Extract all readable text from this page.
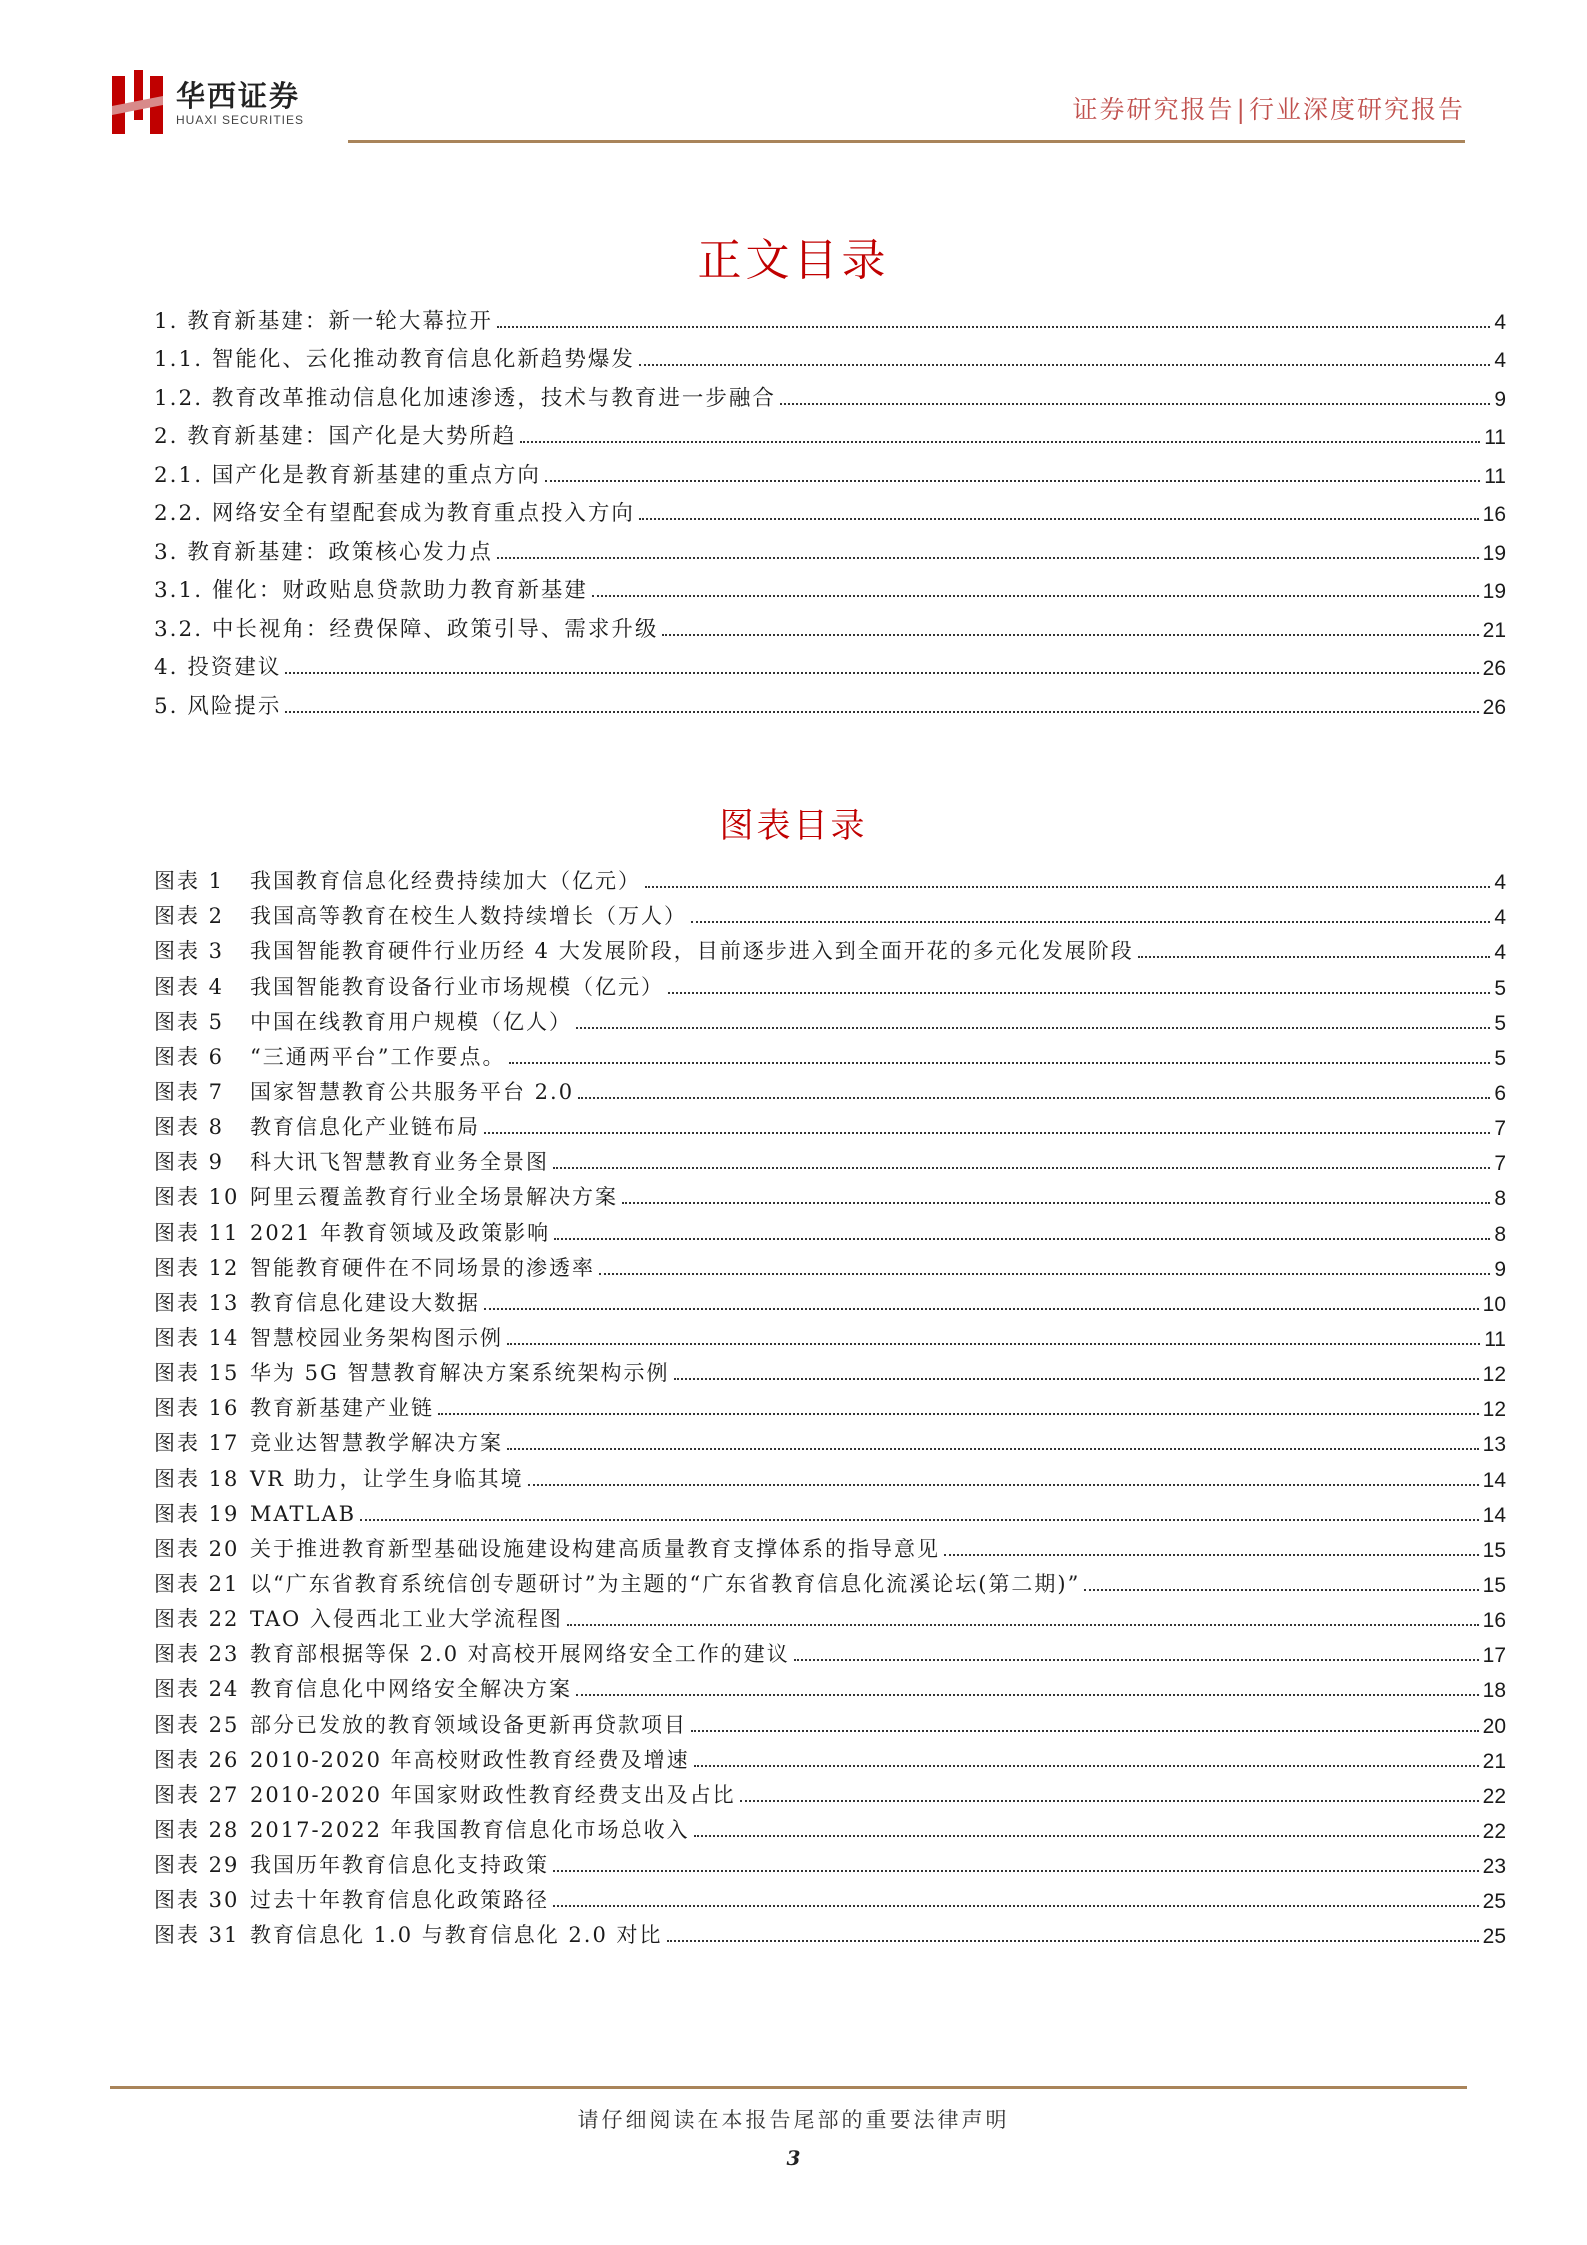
华西证券
HUAXI SECURITIES	证券研究报告|行业深度研究报告
正文目录
1. 教育新基建：新一轮大幕拉开	4
1.1. 智能化、云化推动教育信息化新趋势爆发	4
1.2. 教育改革推动信息化加速渗透，技术与教育进一步融合	9
2. 教育新基建：国产化是大势所趋	11
2.1. 国产化是教育新基建的重点方向	11
2.2. 网络安全有望配套成为教育重点投入方向	16
3. 教育新基建：政策核心发力点	19
3.1. 催化：财政贴息贷款助力教育新基建	19
3.2. 中长视角：经费保障、政策引导、需求升级	21
4. 投资建议	26
5. 风险提示	26
图表目录
图表 1 我国教育信息化经费持续加大（亿元）	4
图表 2 我国高等教育在校生人数持续增长（万人）	4
图表 3 我国智能教育硬件行业历经 4 大发展阶段，目前逐步进入到全面开花的多元化发展阶段	4
图表 4 我国智能教育设备行业市场规模（亿元）	5
图表 5 中国在线教育用户规模（亿人）	5
图表 6 “三通两平台”工作要点。	5
图表 7 国家智慧教育公共服务平台 2.0	6
图表 8 教育信息化产业链布局	7
图表 9 科大讯飞智慧教育业务全景图	7
图表 10 阿里云覆盖教育行业全场景解决方案	8
图表 11 2021 年教育领域及政策影响	8
图表 12 智能教育硬件在不同场景的渗透率	9
图表 13 教育信息化建设大数据	10
图表 14 智慧校园业务架构图示例	11
图表 15 华为 5G 智慧教育解决方案系统架构示例	12
图表 16 教育新基建产业链	12
图表 17 竞业达智慧教学解决方案	13
图表 18 VR 助力，让学生身临其境	14
图表 19 MATLAB	14
图表 20 关于推进教育新型基础设施建设构建高质量教育支撑体系的指导意见	15
图表 21 以“广东省教育系统信创专题研讨”为主题的“广东省教育信息化流溪论坛(第二期)”	15
图表 22 TAO 入侵西北工业大学流程图	16
图表 23 教育部根据等保 2.0 对高校开展网络安全工作的建议	17
图表 24 教育信息化中网络安全解决方案	18
图表 25 部分已发放的教育领域设备更新再贷款项目	20
图表 26 2010-2020 年高校财政性教育经费及增速	21
图表 27 2010-2020 年国家财政性教育经费支出及占比	22
图表 28 2017-2022 年我国教育信息化市场总收入	22
图表 29 我国历年教育信息化支持政策	23
图表 30 过去十年教育信息化政策路径	25
图表 31 教育信息化 1.0 与教育信息化 2.0 对比	25
请仔细阅读在本报告尾部的重要法律声明
3
